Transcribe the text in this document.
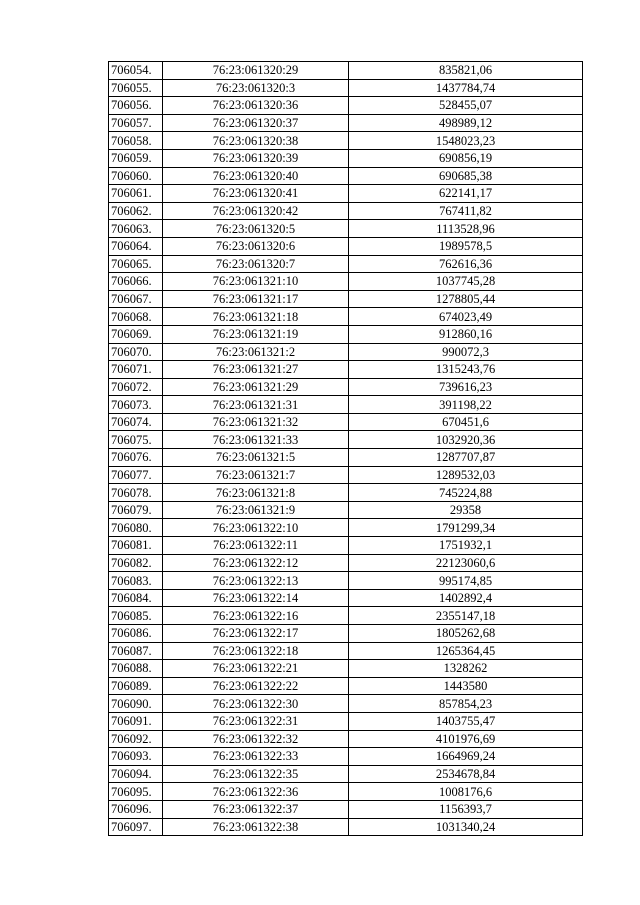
706054.	76:23:061320:29	835821,06
706055.	76:23:061320:3	1437784,74
706056.	76:23:061320:36	528455,07
706057.	76:23:061320:37	498989,12
706058.	76:23:061320:38	1548023,23
706059.	76:23:061320:39	690856,19
706060.	76:23:061320:40	690685,38
706061.	76:23:061320:41	622141,17
706062.	76:23:061320:42	767411,82
706063.	76:23:061320:5	1113528,96
706064.	76:23:061320:6	1989578,5
706065.	76:23:061320:7	762616,36
706066.	76:23:061321:10	1037745,28
706067.	76:23:061321:17	1278805,44
706068.	76:23:061321:18	674023,49
706069.	76:23:061321:19	912860,16
706070.	76:23:061321:2	990072,3
706071.	76:23:061321:27	1315243,76
706072.	76:23:061321:29	739616,23
706073.	76:23:061321:31	391198,22
706074.	76:23:061321:32	670451,6
706075.	76:23:061321:33	1032920,36
706076.	76:23:061321:5	1287707,87
706077.	76:23:061321:7	1289532,03
706078.	76:23:061321:8	745224,88
706079.	76:23:061321:9	29358
706080.	76:23:061322:10	1791299,34
706081.	76:23:061322:11	1751932,1
706082.	76:23:061322:12	22123060,6
706083.	76:23:061322:13	995174,85
706084.	76:23:061322:14	1402892,4
706085.	76:23:061322:16	2355147,18
706086.	76:23:061322:17	1805262,68
706087.	76:23:061322:18	1265364,45
706088.	76:23:061322:21	1328262
706089.	76:23:061322:22	1443580
706090.	76:23:061322:30	857854,23
706091.	76:23:061322:31	1403755,47
706092.	76:23:061322:32	4101976,69
706093.	76:23:061322:33	1664969,24
706094.	76:23:061322:35	2534678,84
706095.	76:23:061322:36	1008176,6
706096.	76:23:061322:37	1156393,7
706097.	76:23:061322:38	1031340,24
